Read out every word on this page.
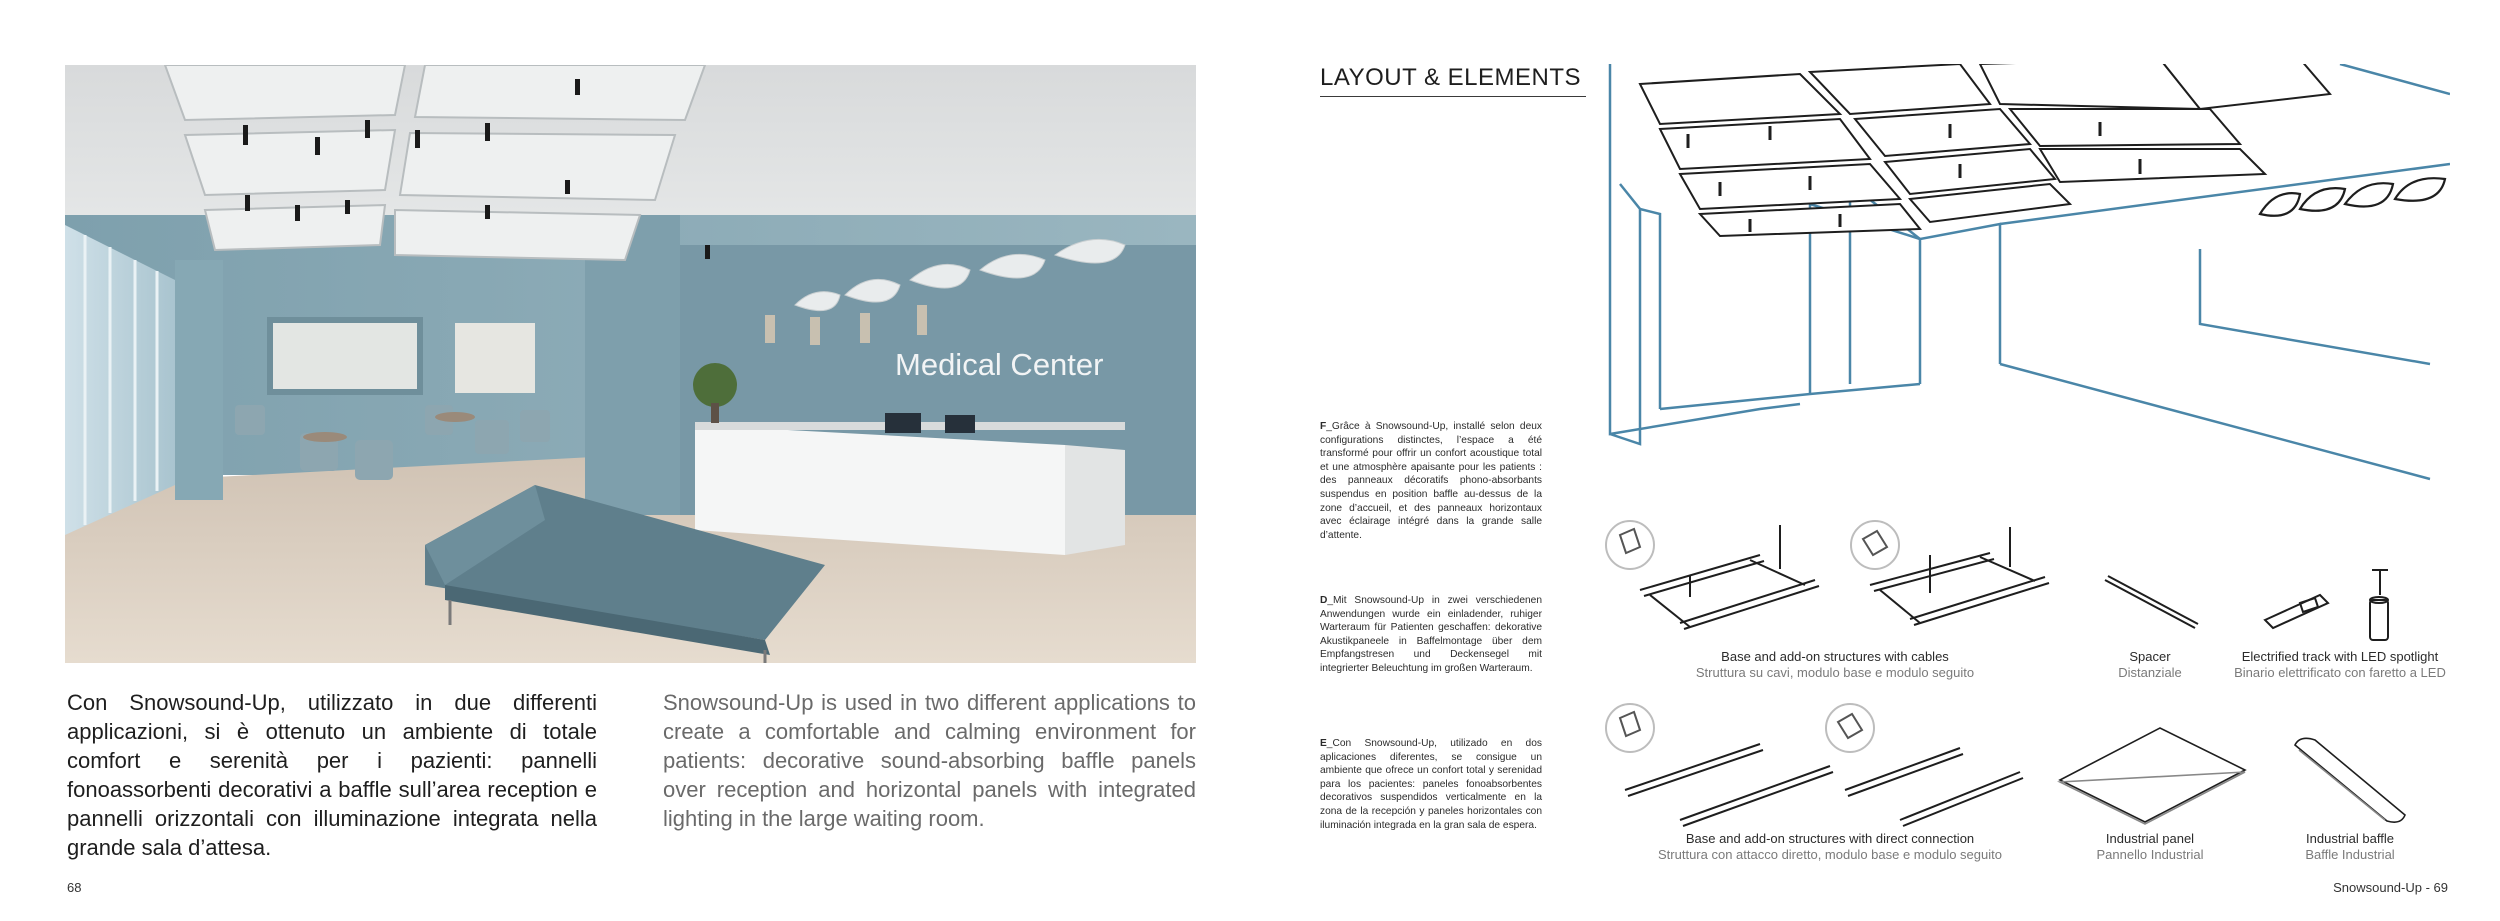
Medical Center
Con Snowsound-Up, utilizzato in due differenti applicazioni, si è ottenuto un ambiente di totale comfort e serenità per i pazienti: pannelli fonoassorbenti decorativi a baffle sull’area reception e pannelli orizzontali con illuminazione integrata nella grande sala d’attesa.
Snowsound-Up is used in two different applications to create a comfortable and calming environment for patients: decorative sound-absorbing baffle panels over reception and horizontal panels with integrated lighting in the large waiting room.
68
LAYOUT & ELEMENTS
F_Grâce à Snowsound-Up, installé selon deux configurations distinctes, l’espace a été transformé pour offrir un confort acoustique total et une atmosphère apaisante pour les patients : des panneaux décoratifs phono-absorbants suspendus en position baffle au-dessus de la zone d’accueil, et des panneaux horizontaux avec éclairage intégré dans la grande salle d’attente.
D_Mit Snowsound-Up in zwei verschiedenen Anwendungen wurde ein einladender, ruhiger Warteraum für Patienten geschaffen: dekorative Akustikpaneele in Baffelmontage über dem Empfangstresen und Deckensegel mit integrierter Beleuchtung im großen Warteraum.
E_Con Snowsound-Up, utilizado en dos aplicaciones diferentes, se consigue un ambiente que ofrece un confort total y serenidad para los pacientes: paneles fonoabsorbentes decorativos suspendidos verticalmente en la zona de la recepción y paneles horizontales con iluminación integrada en la gran sala de espera.
Base and add-on structures with cables
Struttura su cavi, modulo base e modulo seguito
Spacer
Distanziale
Electrified track with LED spotlight
Binario elettrificato con faretto a LED
Base and add-on structures with direct connection
Struttura con attacco diretto, modulo base e modulo seguito
Industrial panel
Pannello Industrial
Industrial baffle
Baffle Industrial
Snowsound-Up - 69
